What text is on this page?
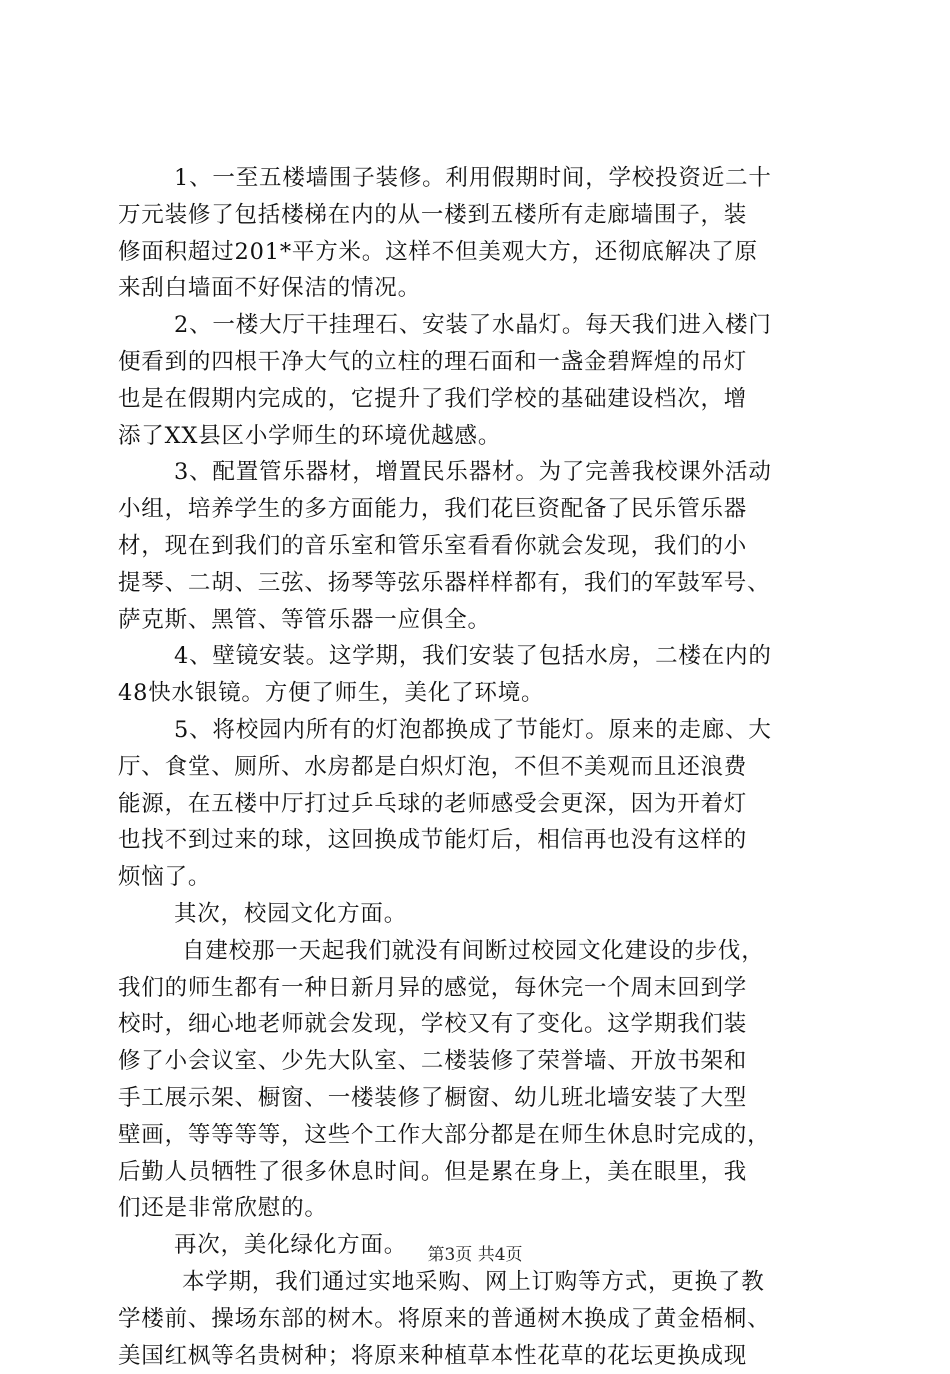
1、一至五楼墙围子装修。利用假期时间，学校投资近二十
万元装修了包括楼梯在内的从一楼到五楼所有走廊墙围子，装
修面积超过201*平方米。这样不但美观大方，还彻底解决了原
来刮白墙面不好保洁的情况。
2、一楼大厅干挂理石、安装了水晶灯。每天我们进入楼门
便看到的四根干净大气的立柱的理石面和一盏金碧辉煌的吊灯
也是在假期内完成的，它提升了我们学校的基础建设档次，增
添了XX县区小学师生的环境优越感。
3、配置管乐器材，增置民乐器材。为了完善我校课外活动
小组，培养学生的多方面能力，我们花巨资配备了民乐管乐器
材，现在到我们的音乐室和管乐室看看你就会发现，我们的小
提琴、二胡、三弦、扬琴等弦乐器样样都有，我们的军鼓军号、
萨克斯、黑管、等管乐器一应俱全。
4、壁镜安装。这学期，我们安装了包括水房，二楼在内的
48快水银镜。方便了师生，美化了环境。
5、将校园内所有的灯泡都换成了节能灯。原来的走廊、大
厅、食堂、厕所、水房都是白炽灯泡，不但不美观而且还浪费
能源，在五楼中厅打过乒乓球的老师感受会更深，因为开着灯
也找不到过来的球，这回换成节能灯后，相信再也没有这样的
烦恼了。
其次，校园文化方面。
自建校那一天起我们就没有间断过校园文化建设的步伐，
我们的师生都有一种日新月异的感觉，每休完一个周末回到学
校时，细心地老师就会发现，学校又有了变化。这学期我们装
修了小会议室、少先大队室、二楼装修了荣誉墙、开放书架和
手工展示架、橱窗、一楼装修了橱窗、幼儿班北墙安装了大型
壁画，等等等等，这些个工作大部分都是在师生休息时完成的，
后勤人员牺牲了很多休息时间。但是累在身上，美在眼里，我
们还是非常欣慰的。
再次，美化绿化方面。
本学期，我们通过实地采购、网上订购等方式，更换了教
学楼前、操场东部的树木。将原来的普通树木换成了黄金梧桐、
美国红枫等名贵树种；将原来种植草本性花草的花坛更换成现
第3页 共4页
